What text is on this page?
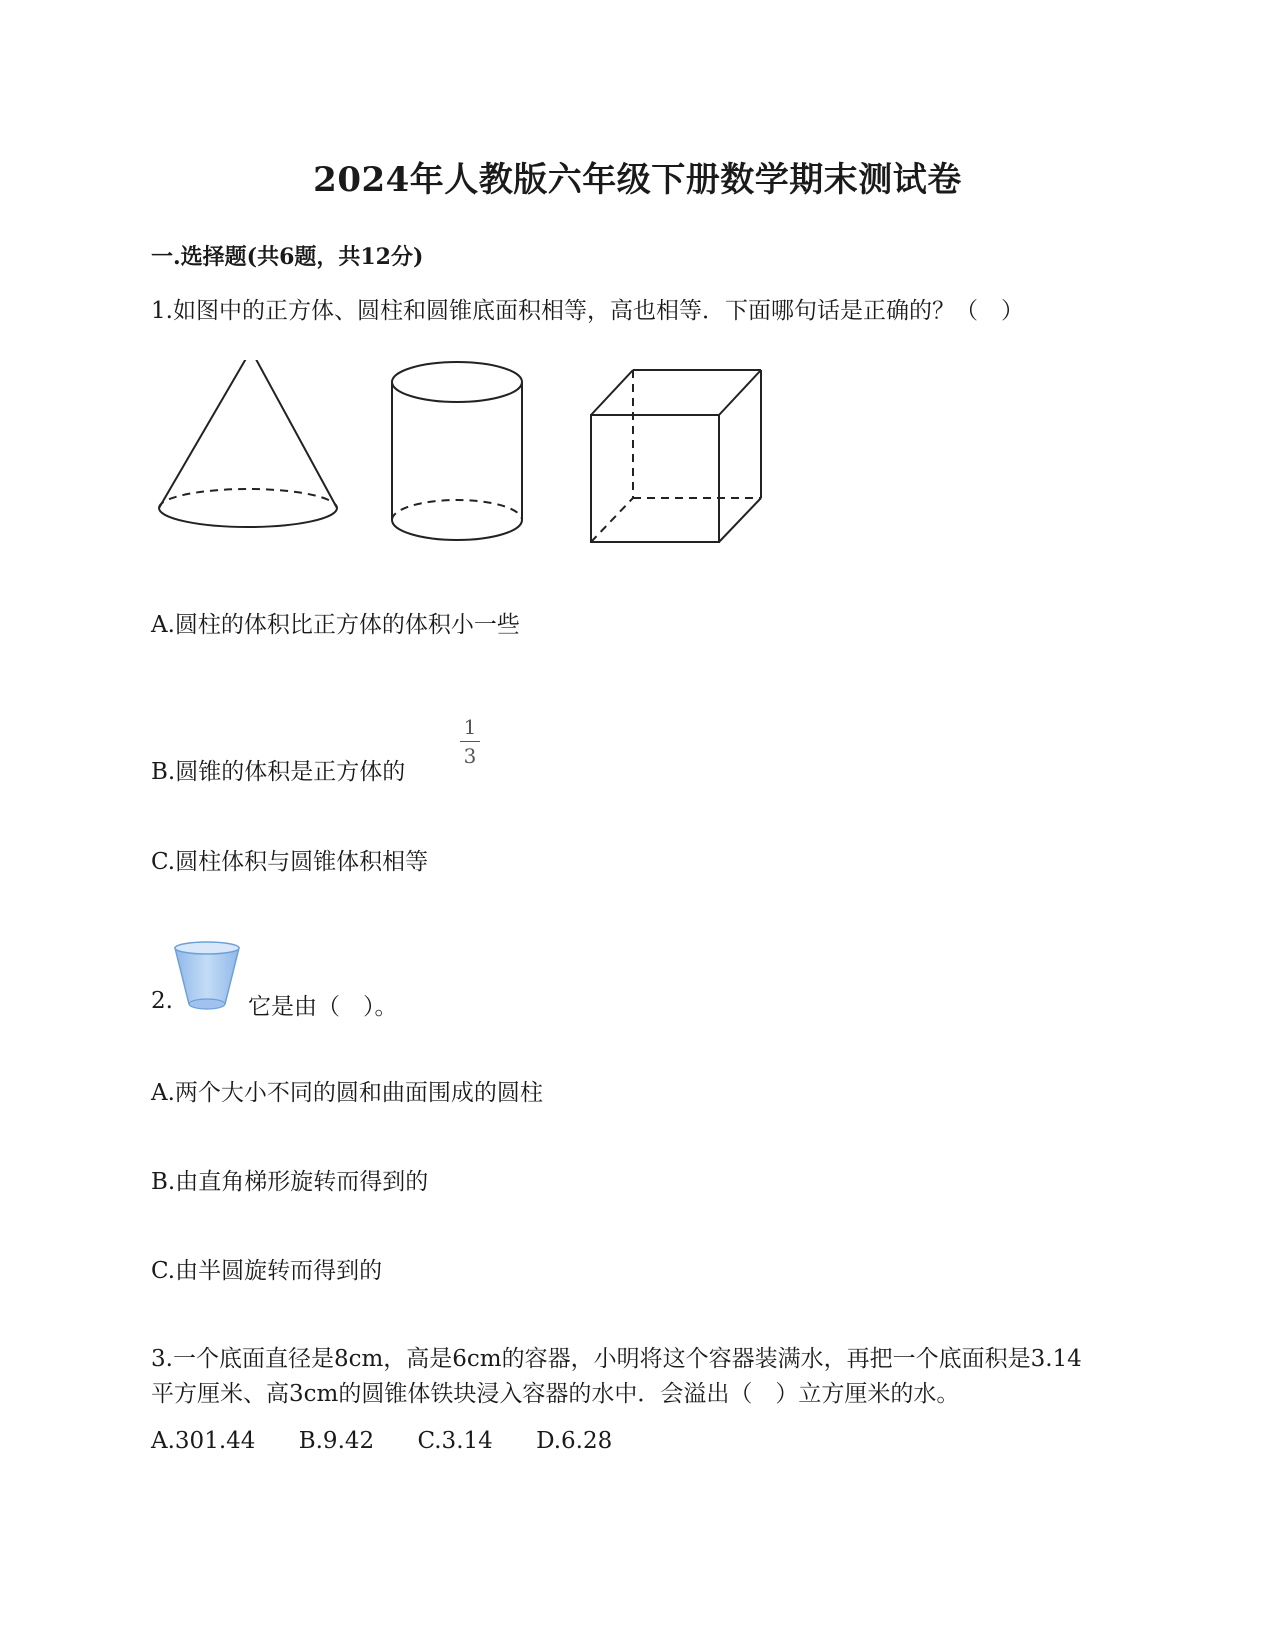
2024年人教版六年级下册数学期末测试卷
一.选择题(共6题，共12分)
1.如图中的正方体、圆柱和圆锥底面积相等，高也相等．下面哪句话是正确的？（　）
A.圆柱的体积比正方体的体积小一些
B.圆锥的体积是正方体的
1
3
C.圆柱体积与圆锥体积相等
2.	它是由（　）。
A.两个大小不同的圆和曲面围成的圆柱
B.由直角梯形旋转而得到的
C.由半圆旋转而得到的
3.一个底面直径是8cm，高是6cm的容器，小明将这个容器装满水，再把一个底面积是3.14
平方厘米、高3cm的圆锥体铁块浸入容器的水中．会溢出（　）立方厘米的水。
A.301.44 B.9.42 C.3.14 D.6.28
